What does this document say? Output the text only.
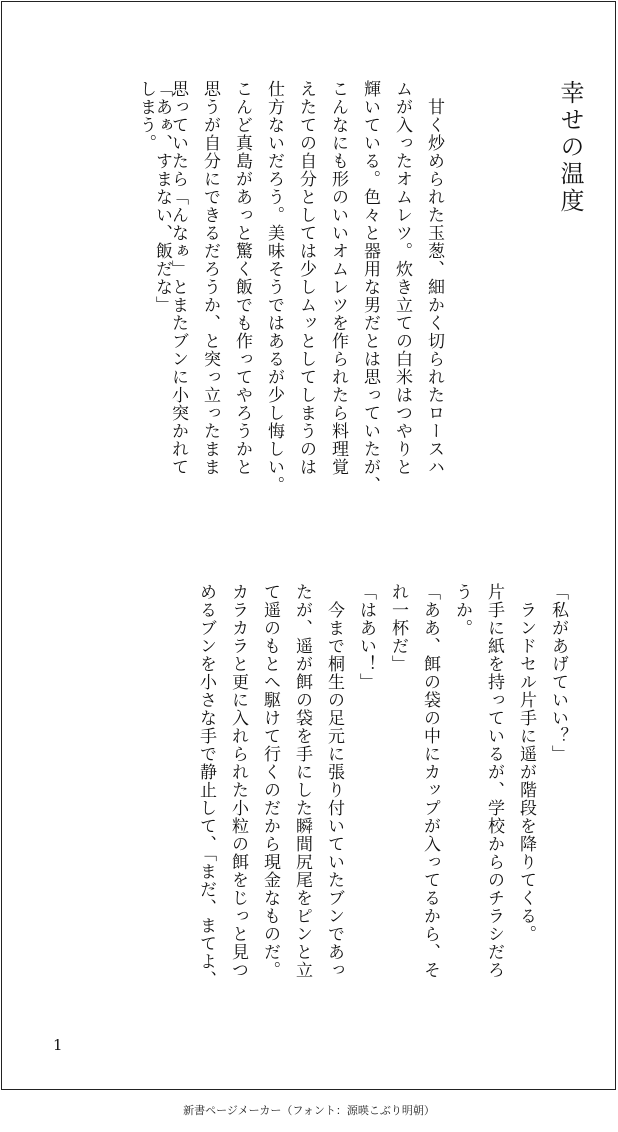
幸せの温度
　甘く炒められた玉葱、細かく切られたロースハ
ムが入ったオムレツ。炊き立ての白米はつやりと
輝いている。色々と器用な男だとは思っていたが、
こんなにも形のいいオムレツを作られたら料理覚
えたての自分としては少しムッとしてしまうのは
仕方ないだろう。美味そうではあるが少し悔しい。
こんど真島があっと驚く飯でも作ってやろうかと
思うが自分にできるだろうか、と突っ立ったまま
思っていたら「んなぁ」とまたブンに小突かれて
しまう。
「あぁ、すまない、飯だな」
「私があげていい？」
　ランドセル片手に遥が階段を降りてくる。
片手に紙を持っているが、学校からのチラシだろ
うか。
「ああ、餌の袋の中にカップが入ってるから、そ
れ一杯だ」
「はあい！」
　今まで桐生の足元に張り付いていたブンであっ
たが、遥が餌の袋を手にした瞬間尻尾をピンと立
て遥のもとへ駆けて行くのだから現金なものだ。
カラカラと更に入れられた小粒の餌をじっと見つ
めるブンを小さな手で静止して、「まだ、まてよ、
1
新書ページメーカー（フォント：源暎こぶり明朝）
